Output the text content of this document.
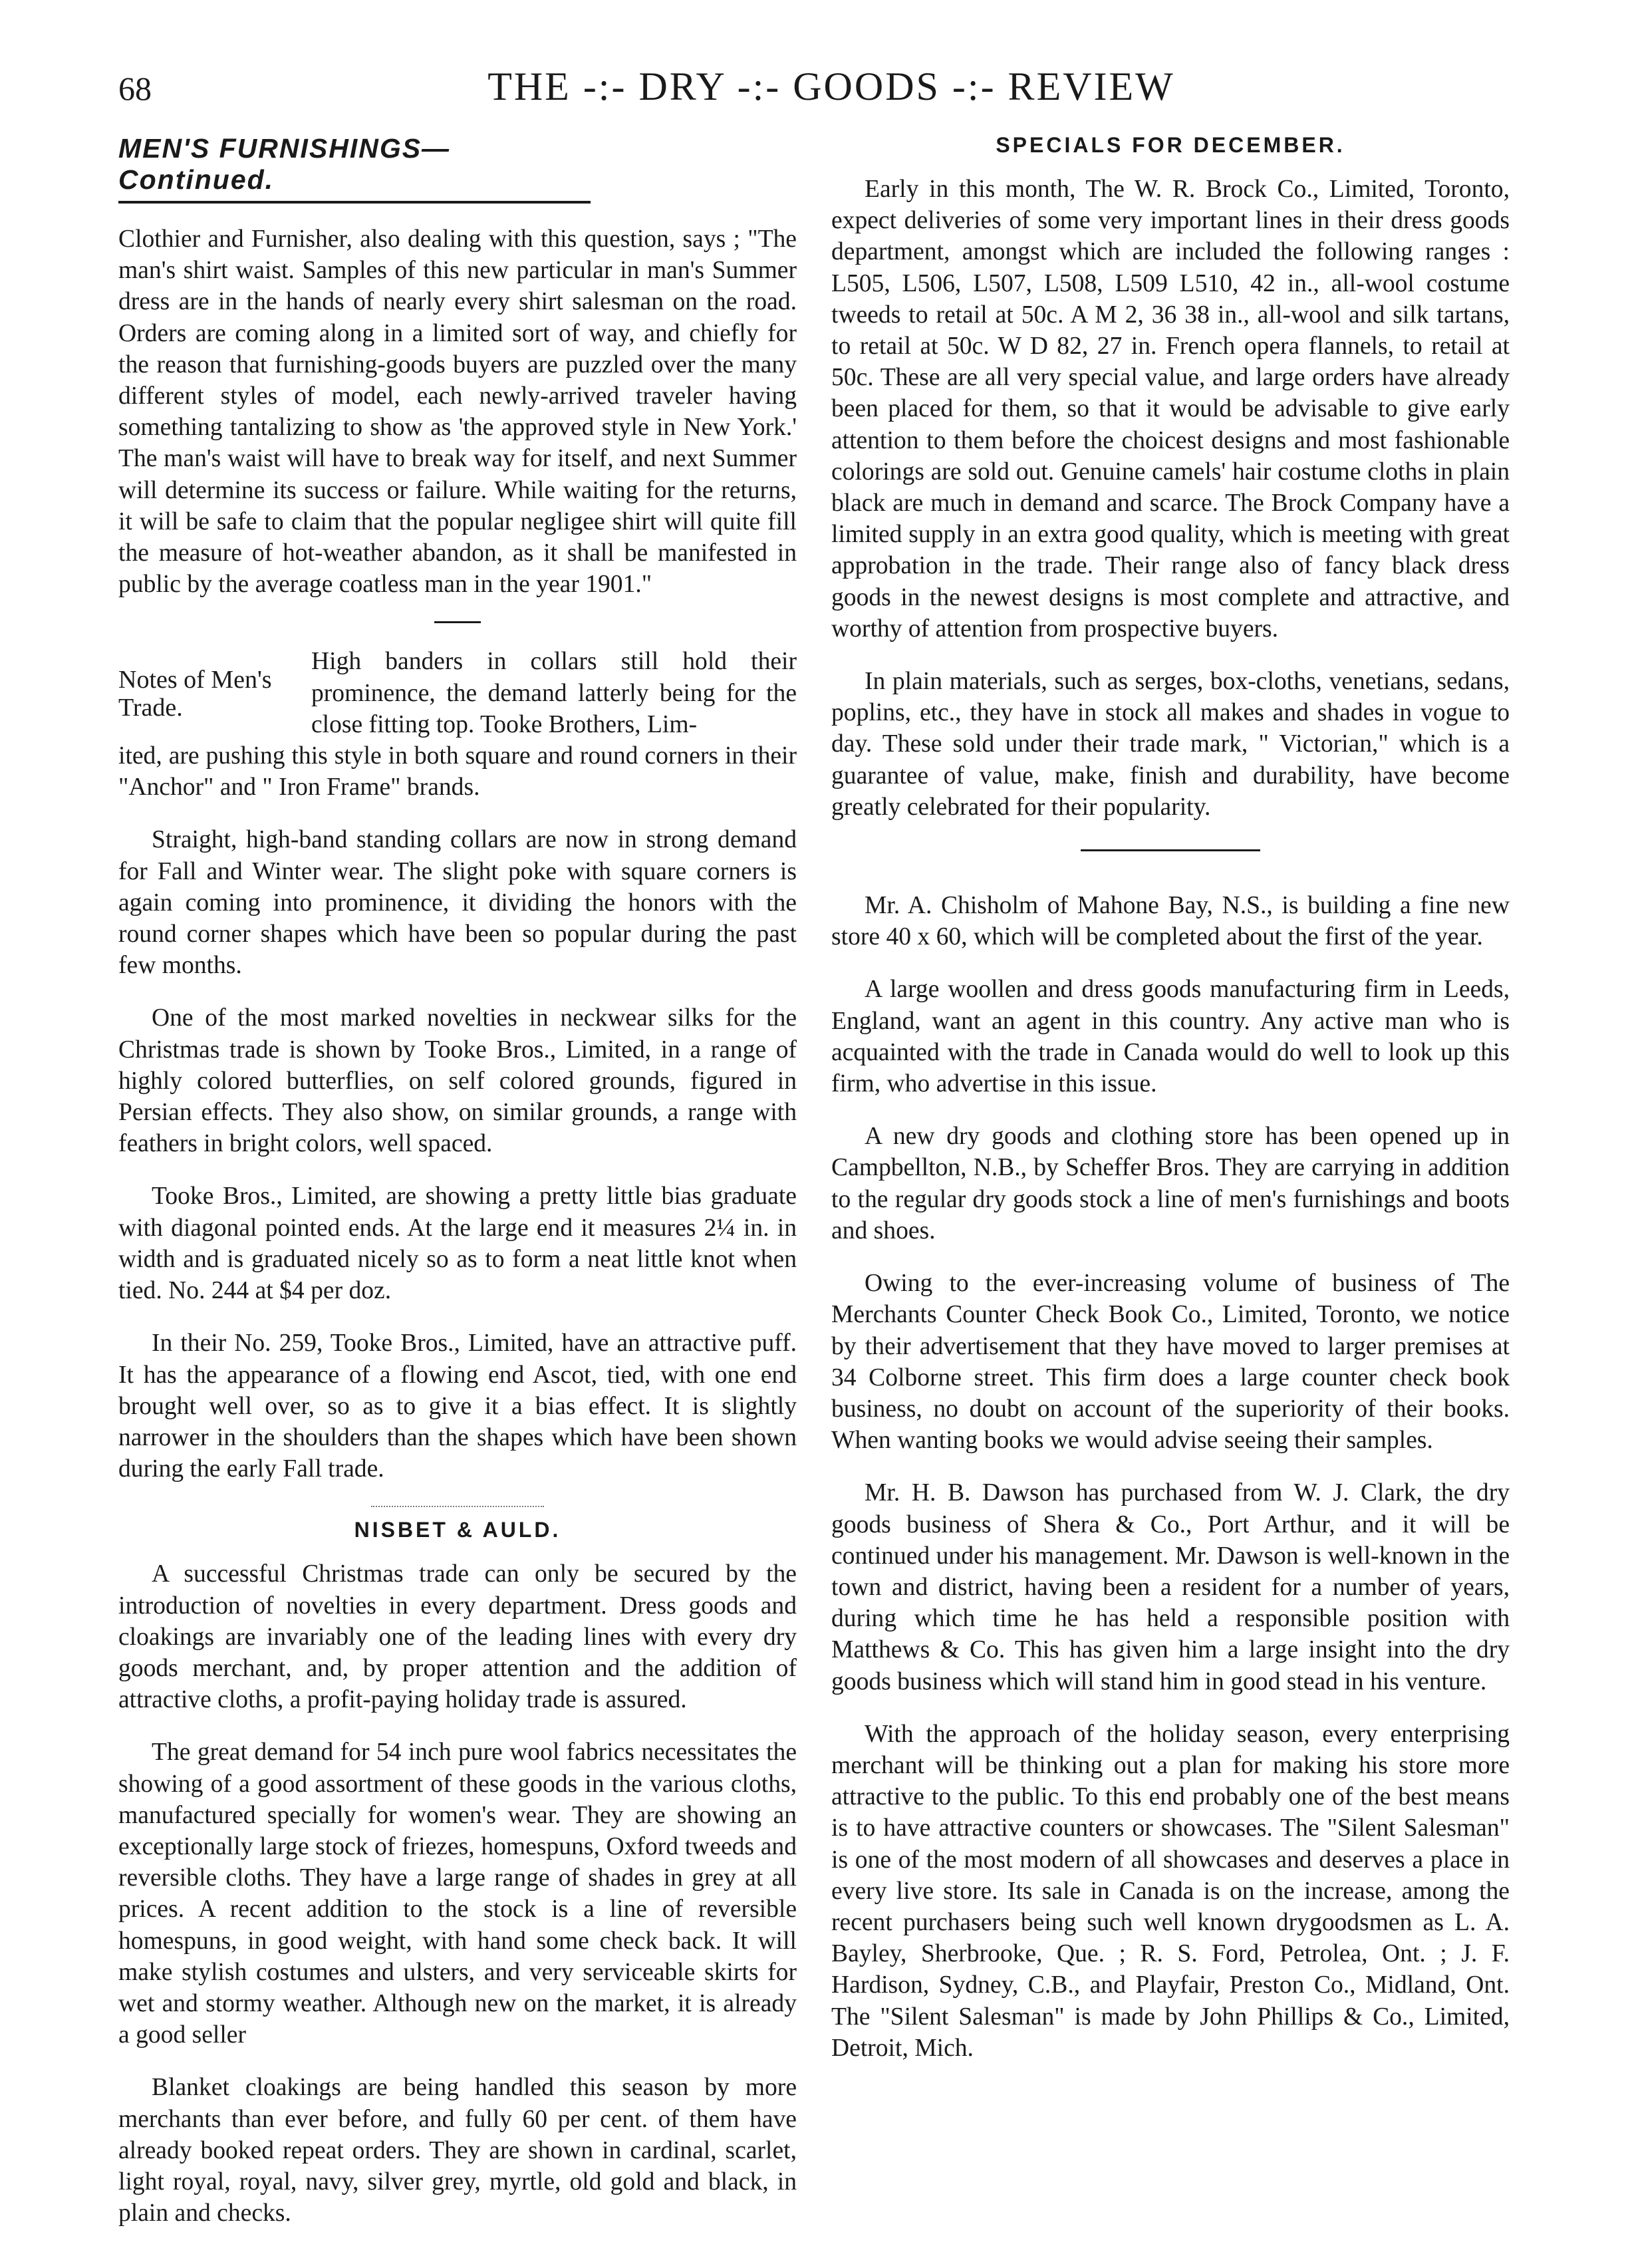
68	THE -:- DRY -:- GOODS -:- REVIEW
MEN'S FURNISHINGS—Continued.

Clothier and Furnisher, also dealing with this question, says ; "The man's shirt waist. Samples of this new particular in man's Summer dress are in the hands of nearly every shirt salesman on the road. Orders are coming along in a limited sort of way, and chiefly for the reason that furnishing-goods buyers are puzzled over the many different styles of model, each newly-arrived traveler having something tantalizing to show as 'the approved style in New York.' The man's waist will have to break way for itself, and next Summer will determine its success or failure. While waiting for the returns, it will be safe to claim that the popular negligee shirt will quite fill the measure of hot-weather abandon, as it shall be manifested in public by the average coatless man in the year 1901."

Notes of Men's Trade.

High banders in collars still hold their prominence, the demand latterly being for the close fitting top. Tooke Brothers, Lim-

ited, are pushing this style in both square and round corners in their "Anchor" and " Iron Frame" brands.

Straight, high-band standing collars are now in strong demand for Fall and Winter wear. The slight poke with square corners is again coming into prominence, it dividing the honors with the round corner shapes which have been so popular during the past few months.

One of the most marked novelties in neckwear silks for the Christmas trade is shown by Tooke Bros., Limited, in a range of highly colored butterflies, on self colored grounds, figured in Persian effects. They also show, on similar grounds, a range with feathers in bright colors, well spaced.

Tooke Bros., Limited, are showing a pretty little bias graduate with diagonal pointed ends. At the large end it measures 2¼ in. in width and is graduated nicely so as to form a neat little knot when tied. No. 244 at $4 per doz.

In their No. 259, Tooke Bros., Limited, have an attractive puff. It has the appearance of a flowing end Ascot, tied, with one end brought well over, so as to give it a bias effect. It is slightly narrower in the shoulders than the shapes which have been shown during the early Fall trade.

NISBET & AULD.

A successful Christmas trade can only be secured by the introduction of novelties in every department. Dress goods and cloakings are invariably one of the leading lines with every dry goods merchant, and, by proper attention and the addition of attractive cloths, a profit-paying holiday trade is assured.

The great demand for 54 inch pure wool fabrics necessitates the showing of a good assortment of these goods in the various cloths, manufactured specially for women's wear. They are showing an exceptionally large stock of friezes, homespuns, Oxford tweeds and reversible cloths. They have a large range of shades in grey at all prices. A recent addition to the stock is a line of reversible homespuns, in good weight, with hand some check back. It will make stylish costumes and ulsters, and very serviceable skirts for wet and stormy weather. Although new on the market, it is already a good seller

Blanket cloakings are being handled this season by more merchants than ever before, and fully 60 per cent. of them have already booked repeat orders. They are shown in cardinal, scarlet, light royal, royal, navy, silver grey, myrtle, old gold and black, in plain and checks.

SPECIALS FOR DECEMBER.

Early in this month, The W. R. Brock Co., Limited, Toronto, expect deliveries of some very important lines in their dress goods department, amongst which are included the following ranges : L505, L506, L507, L508, L509 L510, 42 in., all-wool costume tweeds to retail at 50c. A M 2, 36 38 in., all-wool and silk tartans, to retail at 50c. W D 82, 27 in. French opera flannels, to retail at 50c. These are all very special value, and large orders have already been placed for them, so that it would be advisable to give early attention to them before the choicest designs and most fashionable colorings are sold out. Genuine camels' hair costume cloths in plain black are much in demand and scarce. The Brock Company have a limited supply in an extra good quality, which is meeting with great approbation in the trade. Their range also of fancy black dress goods in the newest designs is most complete and attractive, and worthy of attention from prospective buyers.

In plain materials, such as serges, box-cloths, venetians, sedans, poplins, etc., they have in stock all makes and shades in vogue to day. These sold under their trade mark, " Victorian," which is a guarantee of value, make, finish and durability, have become greatly celebrated for their popularity.

Mr. A. Chisholm of Mahone Bay, N.S., is building a fine new store 40 x 60, which will be completed about the first of the year.

A large woollen and dress goods manufacturing firm in Leeds, England, want an agent in this country. Any active man who is acquainted with the trade in Canada would do well to look up this firm, who advertise in this issue.

A new dry goods and clothing store has been opened up in Campbellton, N.B., by Scheffer Bros. They are carrying in addition to the regular dry goods stock a line of men's furnishings and boots and shoes.

Owing to the ever-increasing volume of business of The Merchants Counter Check Book Co., Limited, Toronto, we notice by their advertisement that they have moved to larger premises at 34 Colborne street. This firm does a large counter check book business, no doubt on account of the superiority of their books. When wanting books we would advise seeing their samples.

Mr. H. B. Dawson has purchased from W. J. Clark, the dry goods business of Shera & Co., Port Arthur, and it will be continued under his management. Mr. Dawson is well-known in the town and district, having been a resident for a number of years, during which time he has held a responsible position with Matthews & Co. This has given him a large insight into the dry goods business which will stand him in good stead in his venture.

With the approach of the holiday season, every enterprising merchant will be thinking out a plan for making his store more attractive to the public. To this end probably one of the best means is to have attractive counters or showcases. The "Silent Salesman" is one of the most modern of all showcases and deserves a place in every live store. Its sale in Canada is on the increase, among the recent purchasers being such well known drygoodsmen as L. A. Bayley, Sherbrooke, Que. ; R. S. Ford, Petrolea, Ont. ; J. F. Hardison, Sydney, C.B., and Playfair, Preston Co., Midland, Ont. The "Silent Salesman" is made by John Phillips & Co., Limited, Detroit, Mich.
